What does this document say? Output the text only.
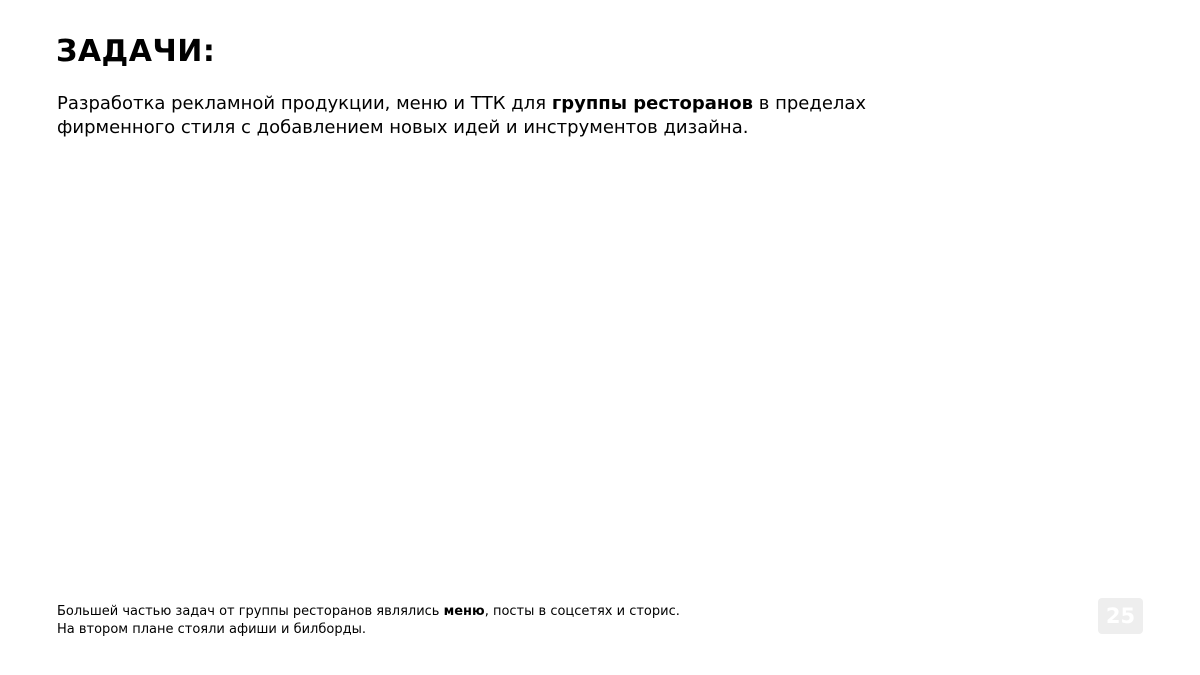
ЗАДАЧИ:

Разработка рекламной продукции, меню и ТТК для группы ресторанов в пределах
фирменного стиля с добавлением новых идей и инструментов дизайна.

Большей частью задач от группы ресторанов являлись меню, посты в соцсетях и сторис.
На втором плане стояли афиши и билборды.

25
